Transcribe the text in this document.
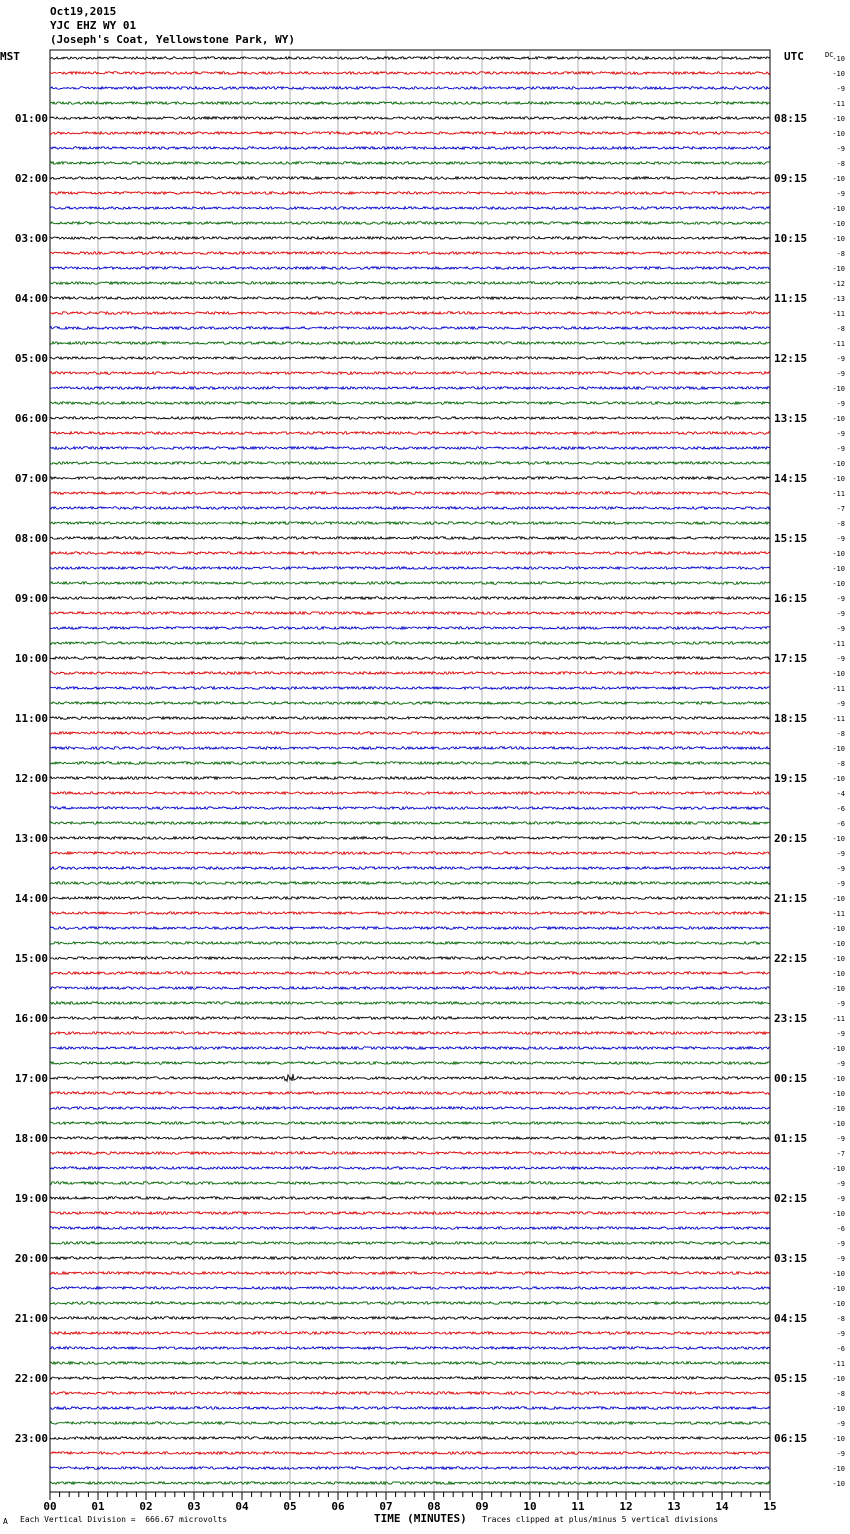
Oct19,2015
YJC EHZ WY 01
(Joseph's Coat, Yellowstone Park, WY)
MST	UTC
00	01	02	03	04	05	06	07	08	09	10	11	12	13	14	15
-10
-10
-9
-11
-10
-10
-9
-8
-10
-9
-10
-10
-10
-8
-10
-12
-13
-11
-8
-11
-9
-9
-10
-9
-10
-9
-9
-10
-10
-11
-7
-8
-9
-10
-10
-10
-9
-9
-9
-11
-9
-10
-11
-9
-11
-8
-10
-8
-10
-4
-6
-6
-10
-9
-9
-9
-10
-11
-10
-10
-10
-10
-10
-9
-11
-9
-10
-9
-10
-10
-10
-10
-9
-7
-10
-9
-9
-10
-6
-9
-9
-10
-10
-10
-8
-9
-6
-11
-10
-8
-10
-9
-10
-9
-10
-10
DC
01:00
02:00
03:00
04:00
05:00
06:00
07:00
08:00
09:00
10:00
11:00
12:00
13:00
14:00
15:00
16:00
17:00
18:00
19:00
20:00
21:00
22:00
23:00
08:15
09:15
10:15
11:15
12:15
13:15
14:15
15:15
16:15
17:15
18:15
19:15
20:15
21:15
22:15
23:15
00:15
01:15
02:15
03:15
04:15
05:15
06:15
A Each Vertical Division =  666.67 microvolts	TIME (MINUTES) Traces clipped at plus/minus 5 vertical divisions
